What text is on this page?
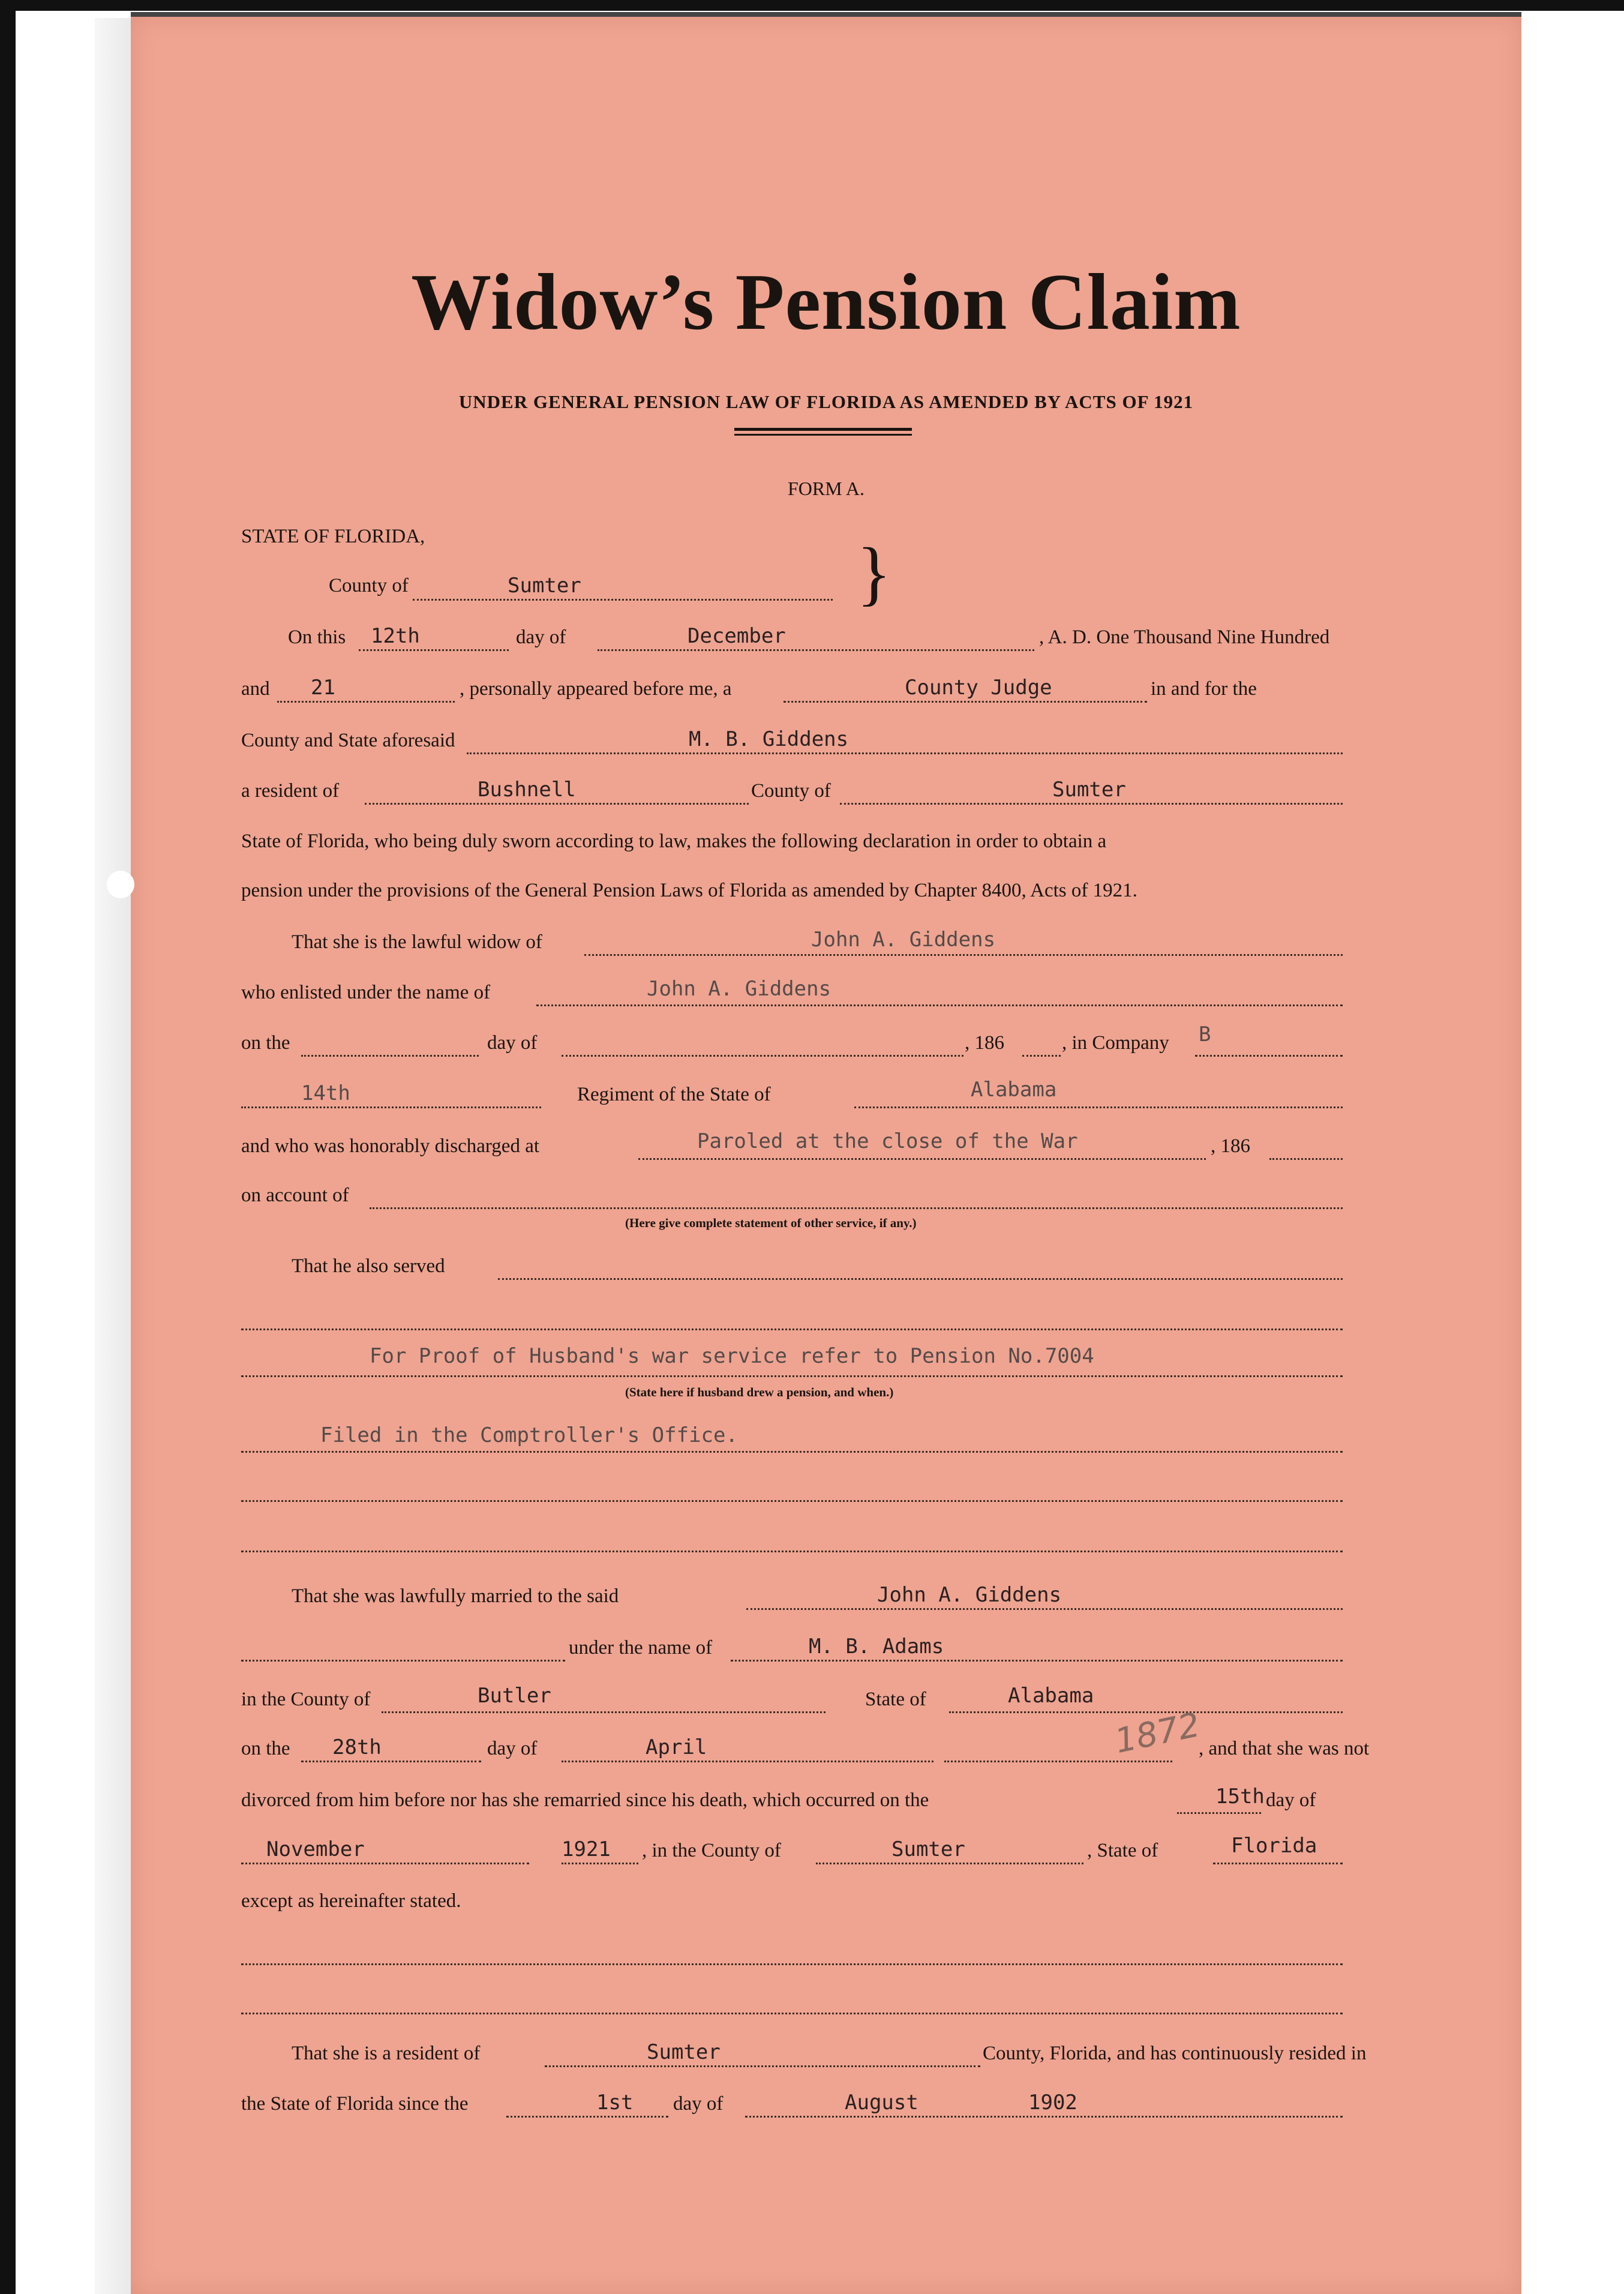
Widow’s Pension Claim
UNDER GENERAL PENSION LAW OF FLORIDA AS AMENDED BY ACTS OF 1921
FORM A.
STATE OF FLORIDA,
County of	Sumter	}
On this 12th	day of	December	, A. D. One Thousand Nine Hundred
and 21	, personally appeared before me, a	County Judge	in and for the
County and State aforesaid	M. B. Giddens
a resident of	Bushnell	County of	Sumter
State of Florida, who being duly sworn according to law, makes the following declaration in order to obtain a
pension under the provisions of the General Pension Laws of Florida as amended by Chapter 8400, Acts of 1921.
That she is the lawful widow of	John A. Giddens
who enlisted under the name of	John A. Giddens
on the	day of	, 186	, in Company B
14th	Regiment of the State of	Alabama
and who was honorably discharged at	Paroled at the close of the War	, 186
on account of
(Here give complete statement of other service, if any.)
That he also served
For Proof of Husband's war service refer to Pension No.7004
(State here if husband drew a pension, and when.)
Filed in the Comptroller's Office.
That she was lawfully married to the said	John A. Giddens
under the name of	M. B. Adams
in the County of	Butler	State of	Alabama
on the 28th	day of	April	1872
, and that she was not
divorced from him before nor has she remarried since his death, which occurred on the	15th day of
November	1921 , in the County of	Sumter	, State of	Florida
except as hereinafter stated.
That she is a resident of	Sumter	County, Florida, and has continuously resided in
the State of Florida since the	1st day of	August	1902
